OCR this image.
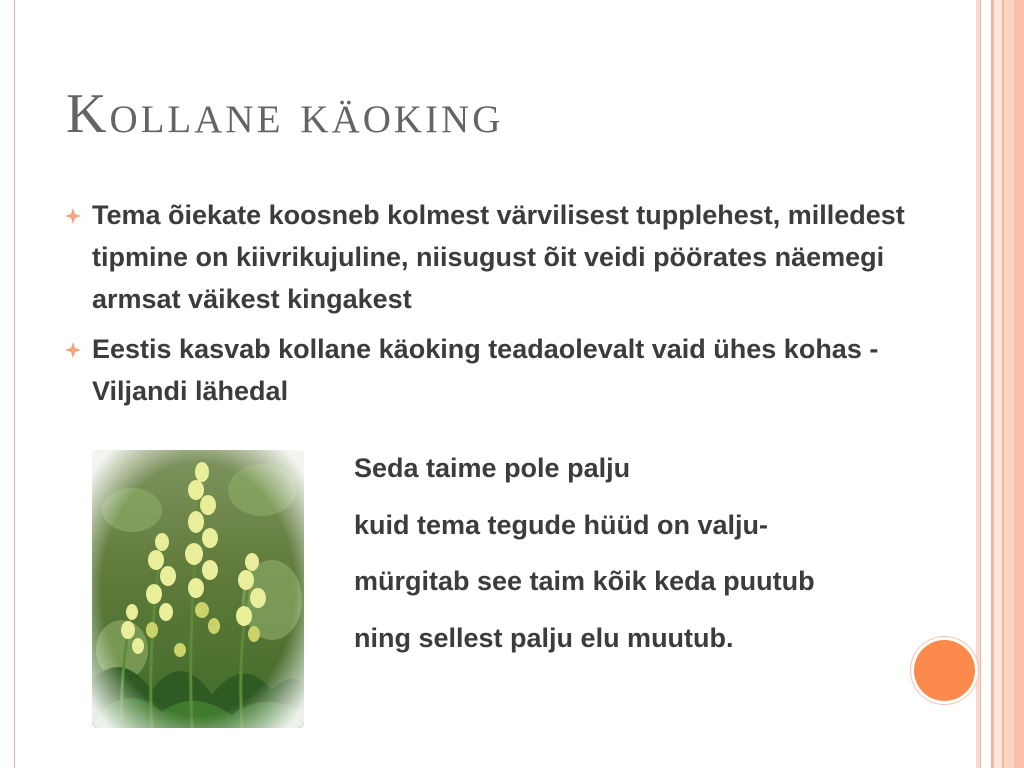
Kollane käoking
Tema õiekate koosneb kolmest värvilisest tupplehest, milledest tipmine on kiivrikujuline, niisugust õit veidi pöörates näemegi armsat väikest kingakest
Eestis kasvab kollane käoking teadaolevalt vaid ühes kohas - Viljandi lähedal
Seda taime pole palju
kuid tema tegude hüüd on valju-
mürgitab see taim kõik keda puutub
ning sellest palju elu muutub.
